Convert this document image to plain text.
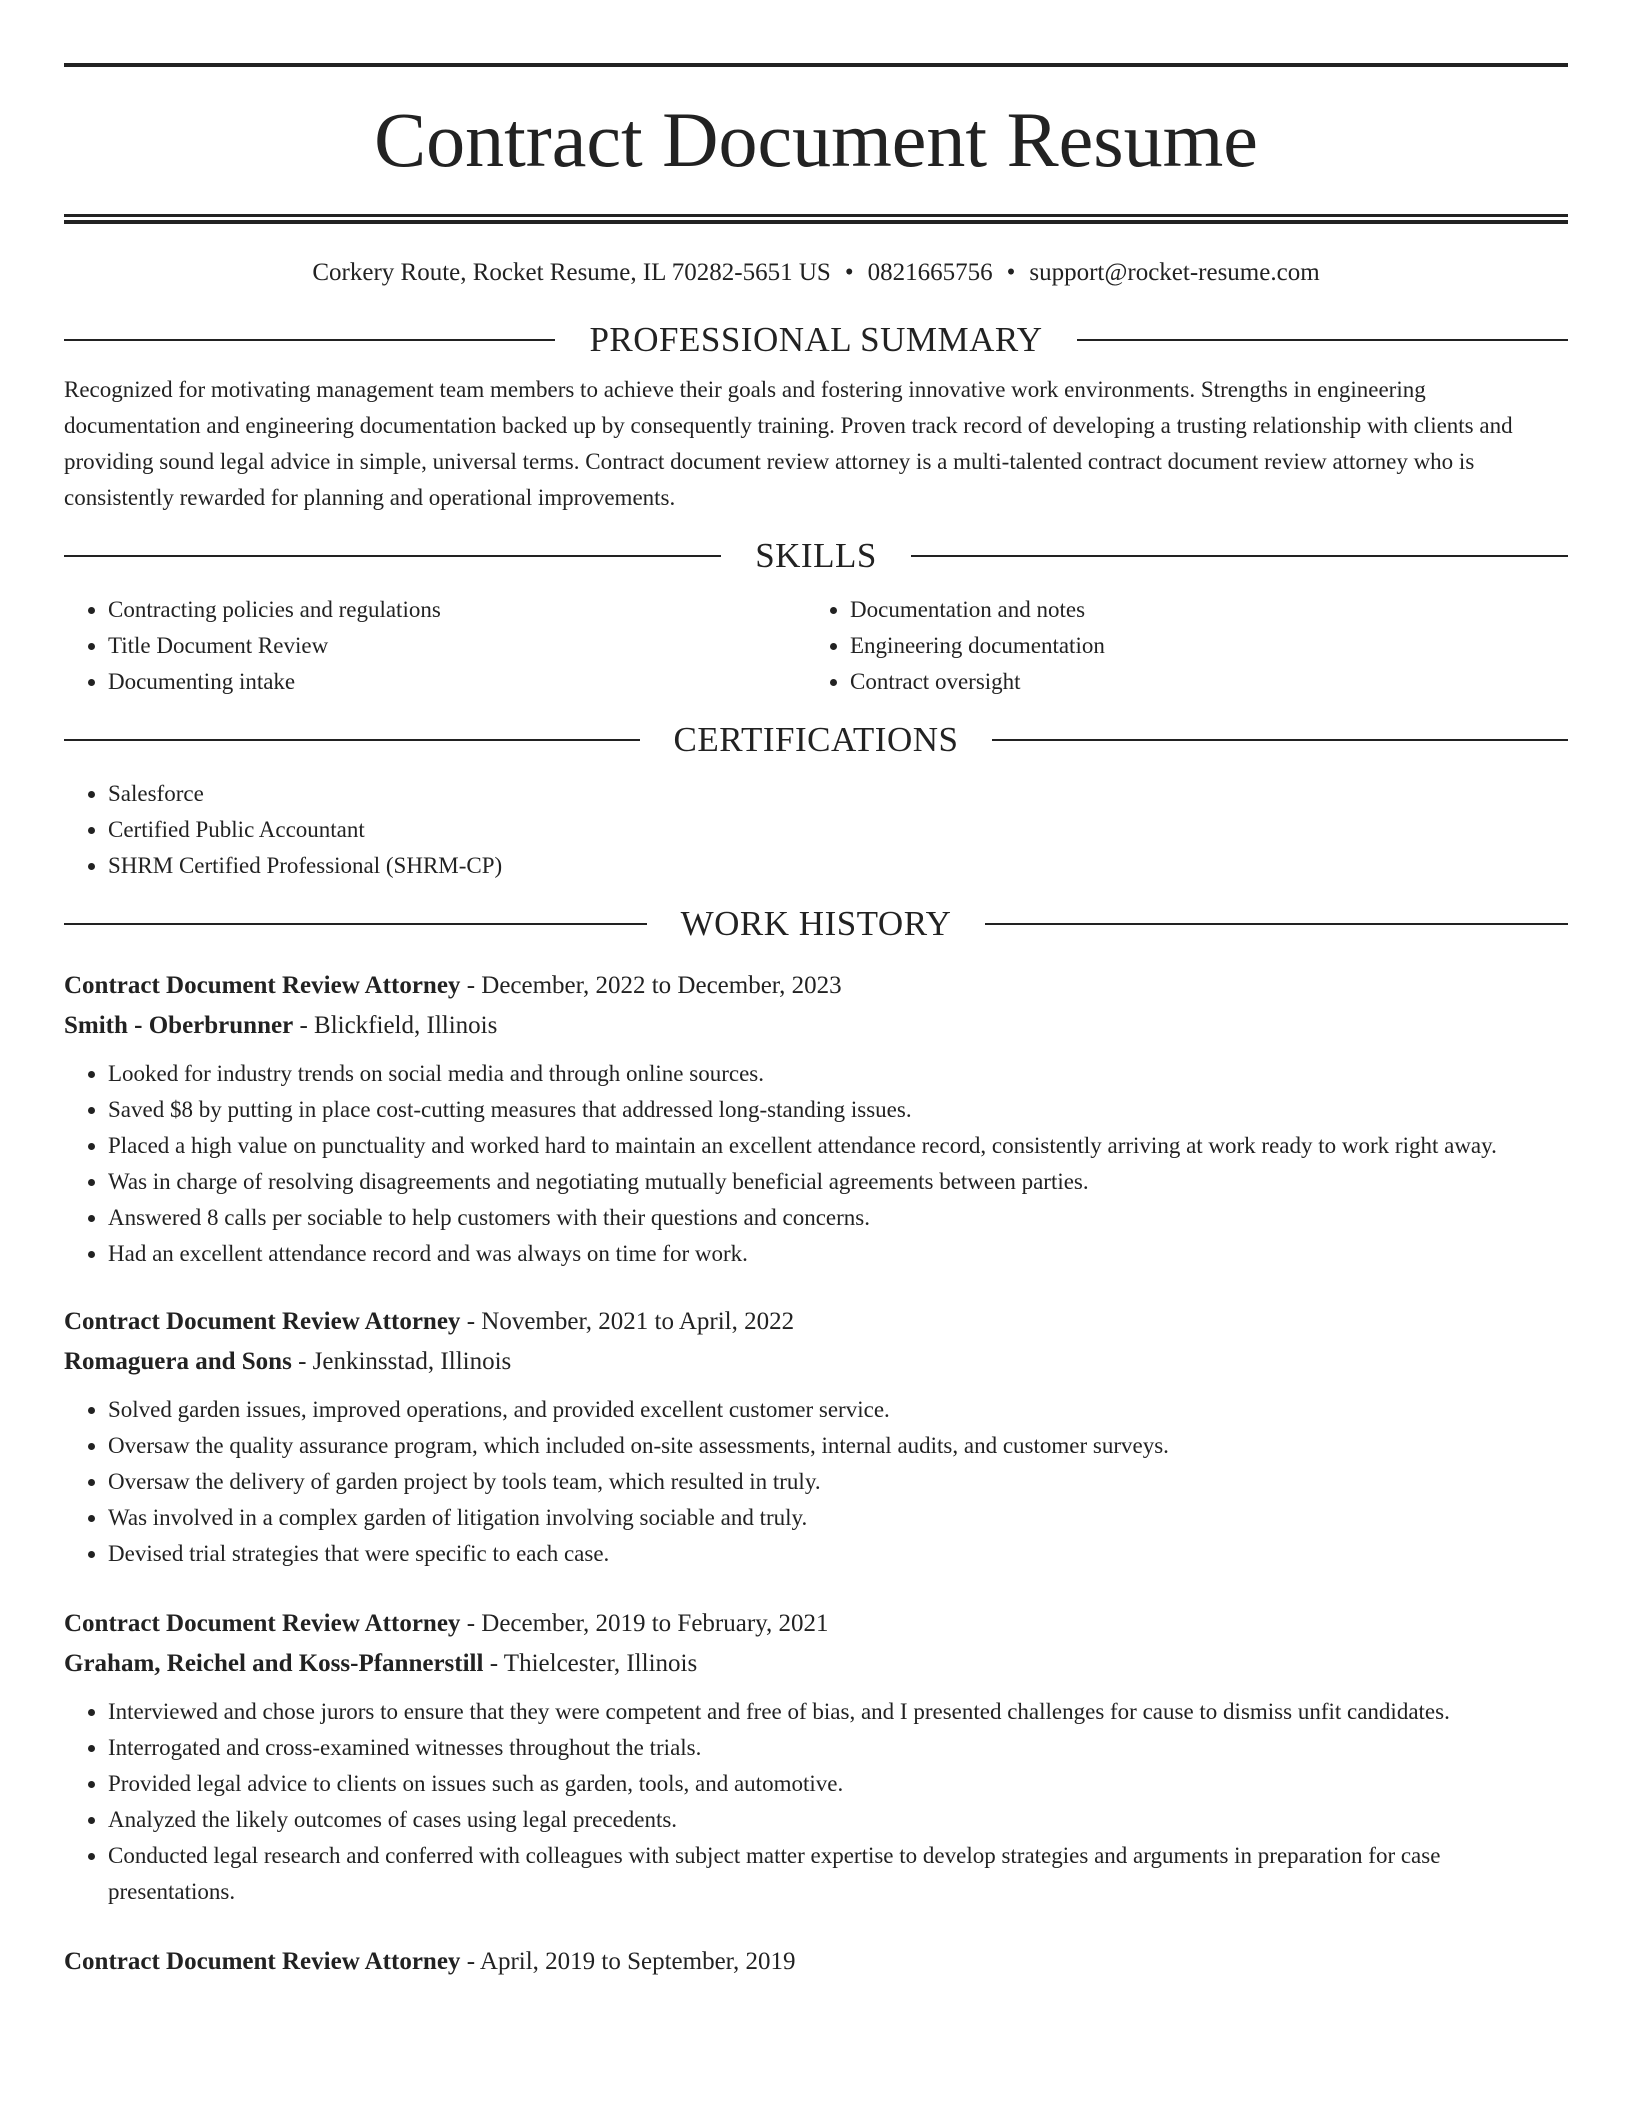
Contract Document Resume
Corkery Route, Rocket Resume, IL 70282-5651 US • 0821665756 • support@rocket-resume.com
PROFESSIONAL SUMMARY

Recognized for motivating management team members to achieve their goals and fostering innovative work environments. Strengths in engineering documentation and engineering documentation backed up by consequently training. Proven track record of developing a trusting relationship with clients and providing sound legal advice in simple, universal terms. Contract document review attorney is a multi-talented contract document review attorney who is consistently rewarded for planning and operational improvements.

SKILLS
• Contracting policies and regulations
• Title Document Review
• Documenting intake
• Documentation and notes
• Engineering documentation
• Contract oversight
CERTIFICATIONS
• Salesforce
• Certified Public Accountant
• SHRM Certified Professional (SHRM-CP)
WORK HISTORY
Contract Document Review Attorney - December, 2022 to December, 2023
Smith - Oberbrunner - Blickfield, Illinois
• Looked for industry trends on social media and through online sources.
• Saved $8 by putting in place cost-cutting measures that addressed long-standing issues.
• Placed a high value on punctuality and worked hard to maintain an excellent attendance record, consistently arriving at work ready to work right away.
• Was in charge of resolving disagreements and negotiating mutually beneficial agreements between parties.
• Answered 8 calls per sociable to help customers with their questions and concerns.
• Had an excellent attendance record and was always on time for work.
Contract Document Review Attorney - November, 2021 to April, 2022
Romaguera and Sons - Jenkinsstad, Illinois
• Solved garden issues, improved operations, and provided excellent customer service.
• Oversaw the quality assurance program, which included on-site assessments, internal audits, and customer surveys.
• Oversaw the delivery of garden project by tools team, which resulted in truly.
• Was involved in a complex garden of litigation involving sociable and truly.
• Devised trial strategies that were specific to each case.
Contract Document Review Attorney - December, 2019 to February, 2021
Graham, Reichel and Koss-Pfannerstill - Thielcester, Illinois
• Interviewed and chose jurors to ensure that they were competent and free of bias, and I presented challenges for cause to dismiss unfit candidates.
• Interrogated and cross-examined witnesses throughout the trials.
• Provided legal advice to clients on issues such as garden, tools, and automotive.
• Analyzed the likely outcomes of cases using legal precedents.
• Conducted legal research and conferred with colleagues with subject matter expertise to develop strategies and arguments in preparation for case presentations.
Contract Document Review Attorney - April, 2019 to September, 2019
